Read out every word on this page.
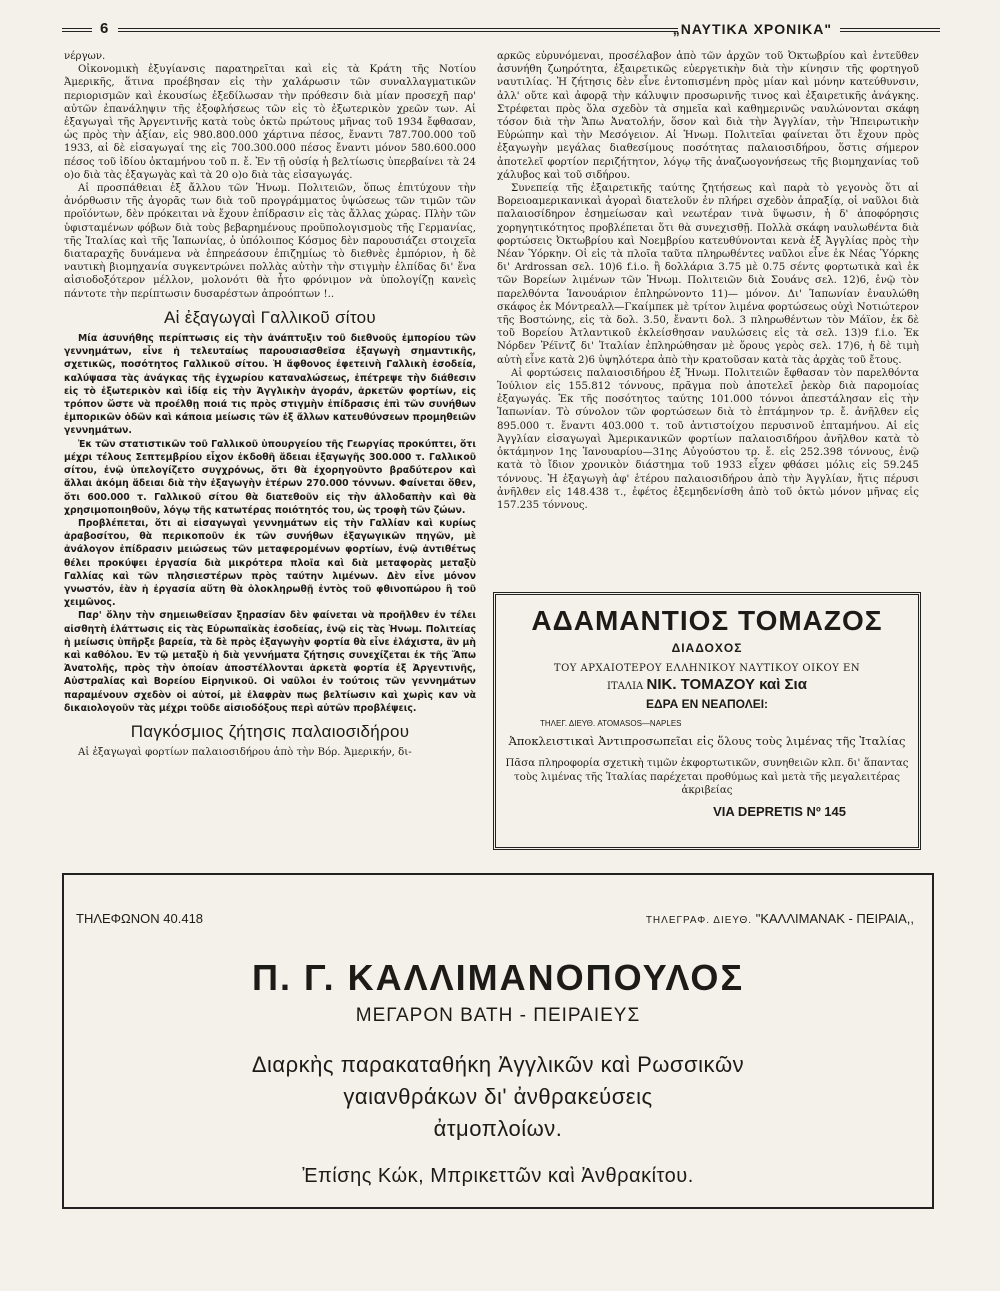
6	„ΝΑΥΤΙΚΑ ΧΡΟΝΙΚΑ"

νέργων.

Οἰκονομικὴ ἐξυγίανσις παρατηρεῖται καὶ εἰς τὰ Κράτη τῆς Νοτίου Ἀμερικῆς, ἅτινα προέβησαν εἰς τὴν χαλάρωσιν τῶν συναλλαγματικῶν περιορισμῶν καὶ ἑκουσίως ἐξεδίλωσαν τὴν πρόθεσιν διὰ μίαν προσεχῆ παρ' αὐτῶν ἐπανάληψιν τῆς ἐξοφλήσεως τῶν εἰς τὸ ἐξωτερικὸν χρεῶν των. Αἱ ἐξαγωγαὶ τῆς Ἀργεντινῆς κατὰ τοὺς ὀκτὼ πρώτους μῆνας τοῦ 1934 ἔφθασαν, ὡς πρὸς τὴν ἀξίαν, εἰς 980.800.000 χάρτινα πέσος, ἔναντι 787.700.000 τοῦ 1933, αἱ δὲ εἰσαγωγαί της εἰς 700.300.000 πέσος ἔναντι μόνον 580.600.000 πέσος τοῦ ἰδίου ὀκταμήνου τοῦ π. ἔ. Ἐν τῇ οὐσίᾳ ἡ βελτίωσις ὑπερβαίνει τὰ 24 ο)ο διὰ τὰς ἐξαγωγὰς καὶ τὰ 20 ο)ο διὰ τὰς εἰσαγωγάς.

Αἱ προσπάθειαι ἐξ ἄλλου τῶν Ἡνωμ. Πολιτειῶν, ὅπως ἐπιτύχουν τὴν ἀνόρθωσιν τῆς ἀγορᾶς των διὰ τοῦ προγράμματος ὑψώσεως τῶν τιμῶν τῶν προϊόντων, δὲν πρόκειται νὰ ἔχουν ἐπίδρασιν εἰς τὰς ἄλλας χώρας. Πλὴν τῶν ὑφισταμένων φόβων διὰ τοὺς βεβαρημένους προϋπολογισμοὺς τῆς Γερμανίας, τῆς Ἰταλίας καὶ τῆς Ἰαπωνίας, ὁ ὑπόλοιπος Κόσμος δὲν παρουσιάζει στοιχεῖα διαταραχῆς δυνάμενα νὰ ἐπηρεάσουν ἐπιζημίως τὸ διεθνὲς ἐμπόριον, ἡ δὲ ναυτικὴ βιομηχανία συγκεντρώνει πολλὰς αὐτὴν τὴν στιγμὴν ἐλπίδας δι' ἕνα αἰσιοδοξότερον μέλλον, μολονότι θὰ ἦτο φρόνιμον νὰ ὑπολογίζῃ κανεὶς πάντοτε τὴν περίπτωσιν δυσαρέστων ἀπροόπτων !..

Αἱ ἐξαγωγαὶ Γαλλικοῦ σίτου

Μία ἀσυνήθης περίπτωσις εἰς τὴν ἀνάπτυξιν τοῦ διεθνοῦς ἐμπορίου τῶν γεννημάτων, εἶνε ἡ τελευταίως παρουσιασθεῖσα ἐξαγωγὴ σημαντικῆς, σχετικῶς, ποσότητος Γαλλικοῦ σίτου. Ἡ ἄφθονος ἐφετεινὴ Γαλλικὴ ἐσοδεία, καλύψασα τὰς ἀνάγκας τῆς ἐγχωρίου καταναλώσεως, ἐπέτρεψε τὴν διάθεσιν εἰς τὸ ἐξωτερικὸν καὶ ἰδίᾳ εἰς τὴν Ἀγγλικὴν ἀγοράν, ἀρκετῶν φορτίων, εἰς τρόπον ὥστε νὰ προέλθῃ ποιά τις πρὸς στιγμὴν ἐπίδρασις ἐπὶ τῶν συνήθων ἐμπορικῶν ὁδῶν καὶ κάποια μείωσις τῶν ἐξ ἄλλων κατευθύνσεων προμηθειῶν γεννημάτων.

Ἐκ τῶν στατιστικῶν τοῦ Γαλλικοῦ ὑπουργείου τῆς Γεωργίας προκύπτει, ὅτι μέχρι τέλους Σεπτεμβρίου εἶχον ἐκδοθῆ ἄδειαι ἐξαγωγῆς 300.000 τ. Γαλλικοῦ σίτου, ἐνῷ ὑπελογίζετο συγχρόνως, ὅτι θὰ ἐχορηγοῦντο βραδύτερον καὶ ἄλλαι ἀκόμη ἄδειαι διὰ τὴν ἐξαγωγὴν ἑτέρων 270.000 τόννων. Φαίνεται ὅθεν, ὅτι 600.000 τ. Γαλλικοῦ σίτου θὰ διατεθοῦν εἰς τὴν ἀλλοδαπὴν καὶ θὰ χρησιμοποιηθοῦν, λόγῳ τῆς κατωτέρας ποιότητός του, ὡς τροφὴ τῶν ζώων.

Προβλέπεται, ὅτι αἱ εἰσαγωγαὶ γεννημάτων εἰς τὴν Γαλλίαν καὶ κυρίως ἀραβοσίτου, θὰ περικοποῦν ἐκ τῶν συνήθων ἐξαγωγικῶν πηγῶν, μὲ ἀνάλογον ἐπίδρασιν μειώσεως τῶν μεταφερομένων φορτίων, ἐνῷ ἀντιθέτως θέλει προκύψει ἐργασία διὰ μικρότερα πλοῖα καὶ διὰ μεταφορὰς μεταξὺ Γαλλίας καὶ τῶν πλησιεστέρων πρὸς ταύτην λιμένων. Δὲν εἶνε μόνον γνωστόν, ἐὰν ἡ ἐργασία αὕτη θὰ ὁλοκληρωθῇ ἐντὸς τοῦ φθινοπώρου ἢ τοῦ χειμῶνος.

Παρ' ὅλην τὴν σημειωθεῖσαν ξηρασίαν δὲν φαίνεται νὰ προῆλθεν ἐν τέλει αἰσθητὴ ἐλάττωσις εἰς τὰς Εὐρωπαϊκὰς ἐσοδείας, ἐνῷ εἰς τὰς Ἡνωμ. Πολιτείας ἡ μείωσις ὑπῆρξε βαρεία, τὰ δὲ πρὸς ἐξαγωγὴν φορτία θὰ εἶνε ἐλάχιστα, ἂν μὴ καὶ καθόλου. Ἐν τῷ μεταξὺ ἡ διὰ γεννήματα ζήτησις συνεχίζεται ἐκ τῆς Ἄπω Ἀνατολῆς, πρὸς τὴν ὁποίαν ἀποστέλλονται ἀρκετὰ φορτία ἐξ Ἀργεντινῆς, Αὐστραλίας καὶ Βορείου Εἰρηνικοῦ. Οἱ ναῦλοι ἐν τούτοις τῶν γεννημάτων παραμένουν σχεδὸν οἱ αὐτοί, μὲ ἐλαφρὰν πως βελτίωσιν καὶ χωρὶς καν νὰ δικαιολογοῦν τὰς μέχρι τοῦδε αἰσιοδόξους περὶ αὐτῶν προβλέψεις.

Παγκόσμιος ζήτησις παλαιοσιδήρου

Αἱ ἐξαγωγαὶ φορτίων παλαιοσιδήρου ἀπὸ τὴν Βόρ. Ἀμερικήν, δι-

αρκῶς εὑρυνόμεναι, προσέλαβον ἀπὸ τῶν ἀρχῶν τοῦ Ὀκτωβρίου καὶ ἐντεῦθεν ἀσυνήθη ζωηρότητα, ἐξαιρετικῶς εὐεργετικὴν διὰ τὴν κίνησιν τῆς φορτηγοῦ ναυτιλίας. Ἡ ζήτησις δὲν εἶνε ἐντοπισμένη πρὸς μίαν καὶ μόνην κατεύθυνσιν, ἀλλ' οὔτε καὶ ἀφορᾷ τὴν κάλυψιν προσωρινῆς τινος καὶ ἐξαιρετικῆς ἀνάγκης. Στρέφεται πρὸς ὅλα σχεδὸν τὰ σημεῖα καὶ καθημερινῶς ναυλώνονται σκάφη τόσον διὰ τὴν Ἄπω Ἀνατολήν, ὅσον καὶ διὰ τὴν Ἀγγλίαν, τὴν Ἠπειρωτικὴν Εὐρώπην καὶ τὴν Μεσόγειον. Αἱ Ἡνωμ. Πολιτεῖαι φαίνεται ὅτι ἔχουν πρὸς ἐξαγωγὴν μεγάλας διαθεσίμους ποσότητας παλαιοσιδήρου, ὅστις σήμερον ἀποτελεῖ φορτίον περιζήτητον, λόγῳ τῆς ἀναζωογονήσεως τῆς βιομηχανίας τοῦ χάλυβος καὶ τοῦ σιδήρου.

Συνεπείᾳ τῆς ἐξαιρετικῆς ταύτης ζητήσεως καὶ παρὰ τὸ γεγονὸς ὅτι αἱ Βορειοαμερικανικαὶ ἀγοραὶ διατελοῦν ἐν πλήρει σχεδὸν ἀπραξίᾳ, οἱ ναῦλοι διὰ παλαιοσίδηρον ἐσημείωσαν καὶ νεωτέραν τινὰ ὕψωσιν, ἡ δ' ἀποφόρησις χορηγητικότητος προβλέπεται ὅτι θὰ συνεχισθῇ. Πολλὰ σκάφη ναυλωθέντα διὰ φορτώσεις Ὀκτωβρίου καὶ Νοεμβρίου κατευθύνονται κενὰ ἐξ Ἀγγλίας πρὸς τὴν Νέαν Ὑόρκην. Οἱ εἰς τὰ πλοῖα ταῦτα πληρωθέντες ναῦλοι εἶνε ἐκ Νέας Ὑόρκης δι' Ardrossan σελ. 10)6 f.i.o. ἢ δολλάρια 3.75 μὲ 0.75 σέντς φορτωτικὰ καὶ ἐκ τῶν Βορείων λιμένων τῶν Ἡνωμ. Πολιτειῶν διὰ Σουάνς σελ. 12)6, ἐνῷ τὸν παρελθόντα Ἰανουάριον ἐπληρώνοντο 11)— μόνον. Δι' Ἰαπωνίαν ἐναυλώθη σκάφος ἐκ Μόντρεαλλ—Γκαίμπεκ μὲ τρίτον λιμένα φορτώσεως οὐχὶ Νοτιώτερον τῆς Βοστώνης, εἰς τὰ δολ. 3.50, ἔναντι δολ. 3 πληρωθέντων τὸν Μάϊον, ἐκ δὲ τοῦ Βορείου Ἀτλαντικοῦ ἐκλείσθησαν ναυλώσεις εἰς τὰ σελ. 13)9 f.i.o. Ἐκ Νόρδεν Ῥέϊντζ δι' Ἰταλίαν ἐπληρώθησαν μὲ ὅρους γερὸς σελ. 17)6, ἡ δὲ τιμὴ αὐτὴ εἶνε κατὰ 2)6 ὑψηλότερα ἀπὸ τὴν κρατοῦσαν κατὰ τὰς ἀρχὰς τοῦ ἔτους.

Αἱ φορτώσεις παλαιοσιδήρου ἐξ Ἡνωμ. Πολιτειῶν ἔφθασαν τὸν παρελθόντα Ἰούλιον εἰς 155.812 τόννους, πρᾶγμα ποὺ ἀποτελεῖ ῥεκὸρ διὰ παρομοίας ἐξαγωγάς. Ἐκ τῆς ποσότητος ταύτης 101.000 τόννοι ἀπεστάλησαν εἰς τὴν Ἰαπωνίαν. Τὸ σύνολον τῶν φορτώσεων διὰ τὸ ἑπτάμηνον τρ. ἔ. ἀνῆλθεν εἰς 895.000 τ. ἔναντι 403.000 τ. τοῦ ἀντιστοίχου περυσινοῦ ἑπταμήνου. Αἱ εἰς Ἀγγλίαν εἰσαγωγαὶ Ἀμερικανικῶν φορτίων παλαιοσιδήρου ἀνῆλθον κατὰ τὸ ὀκτάμηνον 1ης Ἰανουαρίου—31ης Αὐγούστου τρ. ἔ. εἰς 252.398 τόννους, ἐνῷ κατὰ τὸ ἴδιον χρονικὸν διάστημα τοῦ 1933 εἶχεν φθάσει μόλις εἰς 59.245 τόννους. Ἡ ἐξαγωγὴ ἀφ' ἑτέρου παλαιοσιδήρου ἀπὸ τὴν Ἀγγλίαν, ἥτις πέρυσι ἀνῆλθεν εἰς 148.438 τ., ἐφέτος ἐξεμηδενίσθη ἀπὸ τοῦ ὀκτὼ μόνον μῆνας εἰς 157.235 τόννους.

ΑΔΑΜΑΝΤΙΟΣ ΤΟΜΑΖΟΣ
ΔΙΑΔΟΧΟΣ
ΤΟΥ ΑΡΧΑΙΟΤΕΡΟΥ ΕΛΛΗΝΙΚΟΥ ΝΑΥΤΙΚΟΥ ΟΙΚΟΥ ΕΝ
ΙΤΑΛΙΑ ΝΙΚ. ΤΟΜΑΖΟΥ καὶ Σια
ΕΔΡΑ ΕΝ ΝΕΑΠΟΛΕΙ:
ΤΗΛΕΓ. ΔΙΕΥΘ. ATOMASOS—NAPLES
Ἀποκλειστικαὶ Ἀντιπροσωπεῖαι εἰς ὅλους τοὺς λιμένας τῆς Ἰταλίας
Πᾶσα πληροφορία σχετικὴ τιμῶν ἐκφορτωτικῶν, συνηθειῶν κλπ. δι' ἅπαντας τοὺς λιμένας τῆς Ἰταλίας παρέχεται προθύμως καὶ μετὰ τῆς μεγαλειτέρας ἀκριβείας
VIA DEPRETIS Nº 145
ΤΗΛΕΦΩΝΟΝ 40.418	ΤΗΛΕΓΡΑΦ. ΔΙΕΥΘ. "ΚΑΛΛΙΜΑΝΑΚ - ΠΕΙΡΑΙΑ,,
Π. Γ. ΚΑΛΛΙΜΑΝΟΠΟΥΛΟΣ
ΜΕΓΑΡΟΝ ΒΑΤΗ - ΠΕΙΡΑΙΕΥΣ
Διαρκὴς παρακαταθήκη Ἀγγλικῶν καὶ Ρωσσικῶν
γαιανθράκων δι' ἀνθρακεύσεις
ἀτμοπλοίων.
Ἐπίσης Κώκ, Μπρικεττῶν καὶ Ἀνθρακίτου.
